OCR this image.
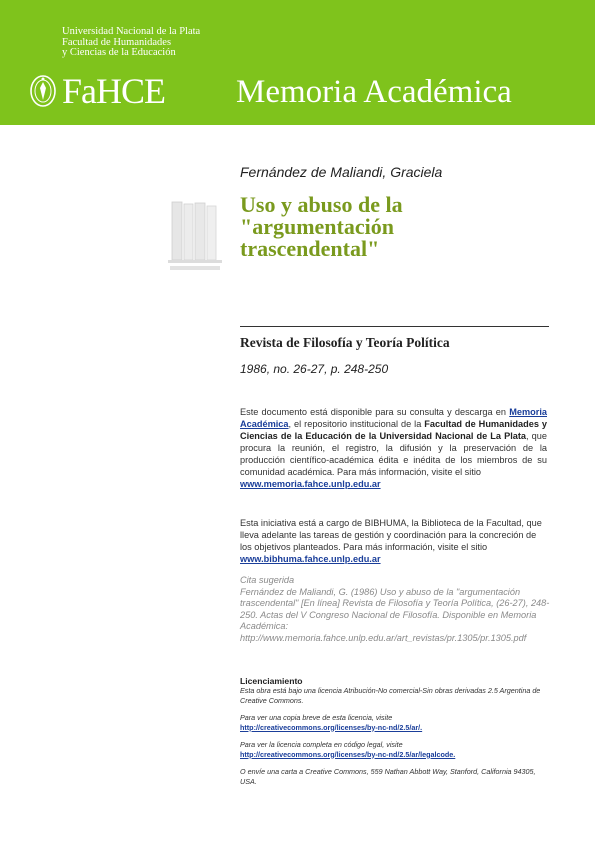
Universidad Nacional de la Plata
Facultad de Humanidades
y Ciencias de la Educación
FaHCE Memoria Académica
Fernández de Maliandi, Graciela
Uso y abuso de la
"argumentación
trascendental"
Revista de Filosofía y Teoría Política
1986, no. 26-27, p. 248-250
Este documento está disponible para su consulta y descarga en Memoria Académica, el repositorio institucional de la Facultad de Humanidades y Ciencias de la Educación de la Universidad Nacional de La Plata, que procura la reunión, el registro, la difusión y la preservación de la producción científico-académica édita e inédita de los miembros de su comunidad académica. Para más información, visite el sitio
www.memoria.fahce.unlp.edu.ar
Esta iniciativa está a cargo de BIBHUMA, la Biblioteca de la Facultad, que lleva adelante las tareas de gestión y coordinación para la concreción de los objetivos planteados. Para más información, visite el sitio
www.bibhuma.fahce.unlp.edu.ar
Cita sugerida
Fernández de Maliandi, G. (1986) Uso y abuso de la "argumentación trascendental" [En línea] Revista de Filosofía y Teoría Política, (26-27), 248-250. Actas del V Congreso Nacional de Filosofía. Disponible en Memoria Académica:
http://www.memoria.fahce.unlp.edu.ar/art_revistas/pr.1305/pr.1305.pdf
Licenciamiento
Esta obra está bajo una licencia Atribución-No comercial-Sin obras derivadas 2.5 Argentina de Creative Commons.
Para ver una copia breve de esta licencia, visite
http://creativecommons.org/licenses/by-nc-nd/2.5/ar/.
Para ver la licencia completa en código legal, visite
http://creativecommons.org/licenses/by-nc-nd/2.5/ar/legalcode.
O envíe una carta a Creative Commons, 559 Nathan Abbott Way, Stanford, California 94305, USA.
